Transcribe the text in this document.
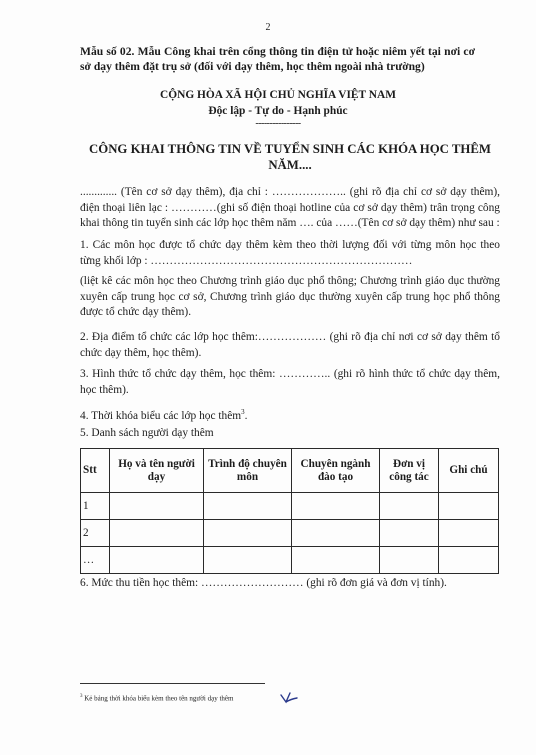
2
Mẫu số 02. Mẫu Công khai trên cổng thông tin điện tử hoặc niêm yết tại nơi cơ sở dạy thêm đặt trụ sở (đối với dạy thêm, học thêm ngoài nhà trường)
CỘNG HÒA XÃ HỘI CHỦ NGHĨA VIỆT NAM
Độc lập - Tự do - Hạnh phúc
----------------
CÔNG KHAI THÔNG TIN VỀ TUYỂN SINH CÁC KHÓA HỌC THÊM NĂM....
............. (Tên cơ sở dạy thêm), địa chỉ : ……………….. (ghi rõ địa chỉ cơ sở dạy thêm), điện thoại liên lạc : …………(ghi số điện thoại hotline của cơ sở dạy thêm) trân trọng công khai thông tin tuyển sinh các lớp học thêm năm …. của ……(Tên cơ sở dạy thêm) như sau :
1. Các môn học được tổ chức dạy thêm kèm theo thời lượng đối với từng môn học theo từng khối lớp : ……………………………………………………………
(liệt kê các môn học theo Chương trình giáo dục phổ thông; Chương trình giáo dục thường xuyên cấp trung học cơ sở, Chương trình giáo dục thường xuyên cấp trung học phổ thông được tổ chức dạy thêm).
2. Địa điểm tổ chức các lớp học thêm:……………… (ghi rõ địa chỉ nơi cơ sở dạy thêm tổ chức dạy thêm, học thêm).
3. Hình thức tổ chức dạy thêm, học thêm: ………….. (ghi rõ hình thức tổ chức dạy thêm, học thêm).
4. Thời khóa biểu các lớp học thêm$^3$.
5. Danh sách người dạy thêm
Stt	Họ và tên người dạy	Trình độ chuyên môn	Chuyên ngành đào tạo	Đơn vị công tác	Ghi chú
1					
2					
…					
6. Mức thu tiền học thêm: ……………………… (ghi rõ đơn giá và đơn vị tính).
$^3$ Kẻ bảng thời khóa biểu kèm theo tên người dạy thêm
